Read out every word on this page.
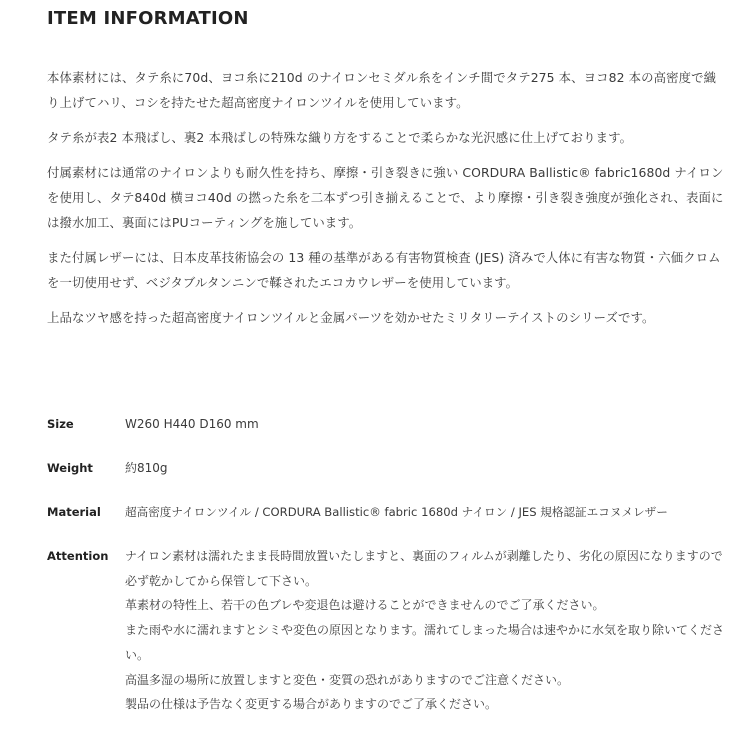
ITEM INFORMATION

本体素材には、タテ糸に70d、ヨコ糸に210d のナイロンセミダル糸をインチ間でタテ275 本、ヨコ82 本の高密度で織り上げてハリ、コシを持たせた超高密度ナイロンツイルを使用しています。

タテ糸が表2 本飛ばし、裏2 本飛ばしの特殊な織り方をすることで柔らかな光沢感に仕上げております。

付属素材には通常のナイロンよりも耐久性を持ち、摩擦・引き裂きに強い CORDURA Ballistic® fabric1680d ナイロンを使用し、タテ840d 横ヨコ40d の撚った糸を二本ずつ引き揃えることで、より摩擦・引き裂き強度が強化され、表面には撥水加工、裏面にはPUコーティングを施しています。

また付属レザーには、日本皮革技術協会の 13 種の基準がある有害物質検査 (JES) 済みで人体に有害な物質・六価クロムを一切使用せず、ベジタブルタンニンで鞣されたエコカウレザーを使用しています。

上品なツヤ感を持った超高密度ナイロンツイルと金属パーツを効かせたミリタリーテイストのシリーズです。

Size	W260 H440 D160 mm
Weight	約810g
Material	超高密度ナイロンツイル / CORDURA Ballistic® fabric 1680d ナイロン / JES 規格認証エコヌメレザー
Attention	ナイロン素材は濡れたまま長時間放置いたしますと、裏面のフィルムが剥離したり、劣化の原因になりますので必ず乾かしてから保管して下さい。

革素材の特性上、若干の色ブレや変退色は避けることができませんのでご了承ください。

また雨や水に濡れますとシミや変色の原因となります。濡れてしまった場合は速やかに水気を取り除いてください。

高温多湿の場所に放置しますと変色・変質の恐れがありますのでご注意ください。

製品の仕様は予告なく変更する場合がありますのでご了承ください。
